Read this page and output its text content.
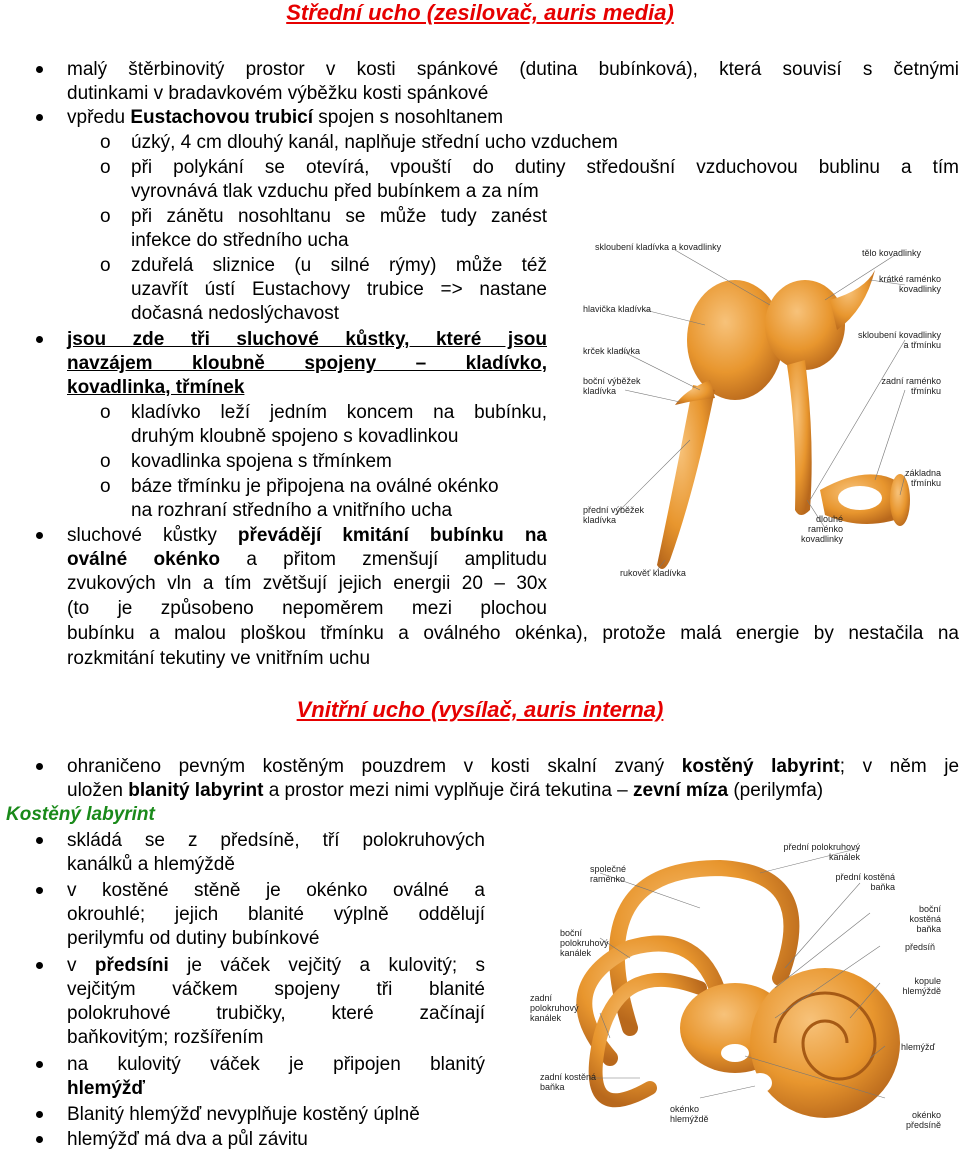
Střední ucho (zesilovač, auris media)
malý štěrbinovitý prostor v kosti spánkové (dutina bubínková), která souvisí s četnými
dutinkami v bradavkovém výběžku kosti spánkové
vpředu Eustachovou trubicí spojen s nosohltanem
o úzký, 4 cm dlouhý kanál, naplňuje střední ucho vzduchem
o při polykání se otevírá, vpouští do dutiny středoušní vzduchovou bublinu a tím
vyrovnává tlak vzduchu před bubínkem a za ním
o při zánětu nosohltanu se může tudy zanést
infekce do středního ucha
o zduřelá sliznice (u silné rýmy) může též
uzavřít ústí Eustachovy trubice => nastane
dočasná nedoslýchavost
jsou zde tři sluchové kůstky, které jsou
navzájem kloubně spojeny – kladívko,
kovadlinka, třmínek
o kladívko leží jedním koncem na bubínku,
druhým kloubně spojeno s kovadlinkou
o kovadlinka spojena s třmínkem
o báze třmínku je připojena na oválné okénko
na rozhraní středního a vnitřního ucha
sluchové kůstky převádějí kmitání bubínku na
oválné okénko a přitom zmenšují amplitudu
zvukových vln a tím zvětšují jejich energii 20 – 30x
(to je způsobeno nepoměrem mezi plochou
bubínku a malou ploškou třmínku a oválného okénka), protože malá energie by nestačila na
rozkmitání tekutiny ve vnitřním uchu
skloubení kladívka a kovadlinky
tělo kovadlinky
krátké raménko
kovadlinky
hlavička kladívka
skloubení kovadlinky
a třmínku
krček kladívka
boční výběžek
kladívka
zadní raménko
třmínku
základna
třmínku
přední výběžek
kladívka	dlouhé
raménko
kovadlinky
rukověť kladívka
Vnitřní ucho (vysílač, auris interna)
ohraničeno pevným kostěným pouzdrem v kosti skalní zvaný kostěný labyrint; v něm je
uložen blanitý labyrint a prostor mezi nimi vyplňuje čirá tekutina – zevní míza (perilymfa)
Kostěný labyrint
skládá se z předsíně, tří polokruhových
kanálků a hlemýždě
v kostěné stěně je okénko oválné a
okrouhlé; jejich blanité výplně oddělují
perilymfu od dutiny bubínkové
v předsíni je váček vejčitý a kulovitý; s
vejčitým váčkem spojeny tři blanité
polokruhové trubičky, které začínají
baňkovitým; rozšířením
na kulovitý váček je připojen blanitý
hlemýžď
Blanitý hlemýžď nevyplňuje kostěný úplně
hlemýžď má dva a půl závitu
přední polokruhový
kanálek
společné
raménko	přední kostěná
baňka
boční
kostěná
baňka
boční
polokruhový
kanálek
předsíň
kopule
hlemýždě
zadní
polokruhový
kanálek
hlemýžď
zadní kostěná
baňka
okénko
hlemýždě	okénko
předsíně
